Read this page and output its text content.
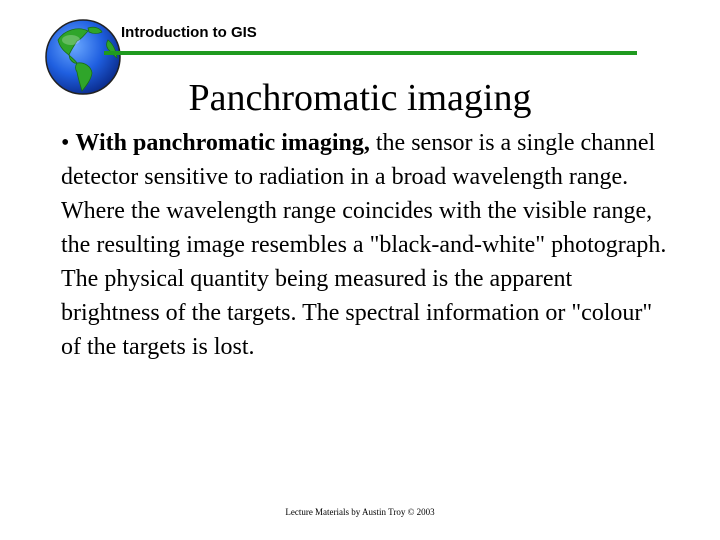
Introduction to GIS
Panchromatic imaging
• With panchromatic imaging, the sensor is a single channel detector sensitive to radiation in a broad wavelength range. Where the wavelength range coincides with the visible range, the resulting image resembles a "black-and-white" photograph. The physical quantity being measured is the apparent brightness of the targets. The spectral information or "colour" of the targets is lost.
Lecture Materials by Austin Troy © 2003
